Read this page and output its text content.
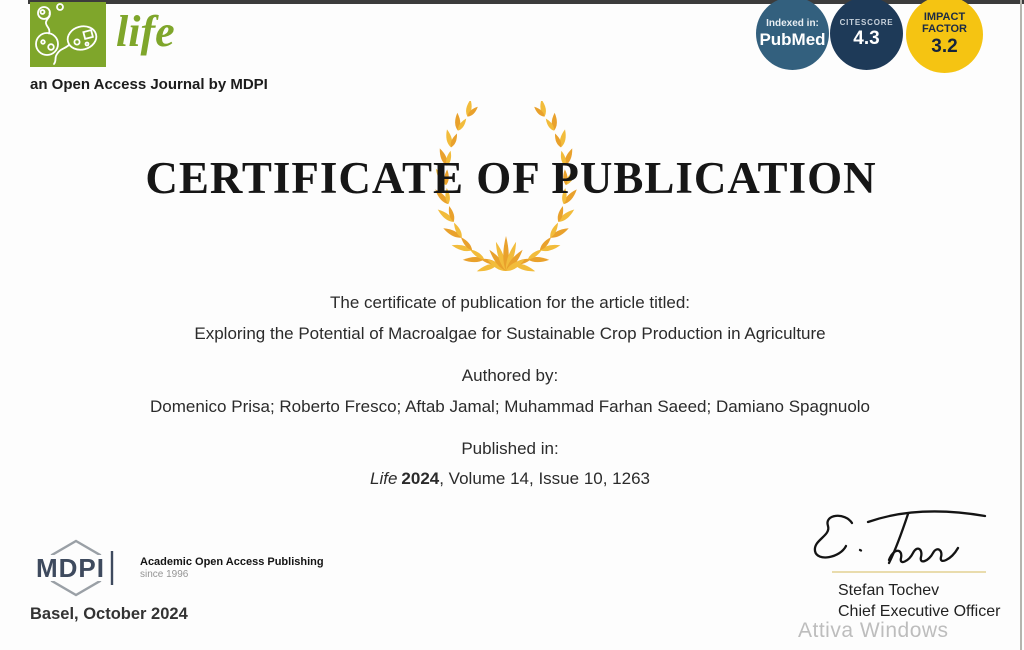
life
an Open Access Journal by MDPI
Indexed in:
PubMed
CITESCORE
4.3
IMPACT FACTOR
3.2
CERTIFICATE OF PUBLICATION
The certificate of publication for the article titled:
Exploring the Potential of Macroalgae for Sustainable Crop Production in Agriculture
Authored by:
Domenico Prisa; Roberto Fresco; Aftab Jamal; Muhammad Farhan Saeed; Damiano Spagnuolo
Published in:
Life 2024, Volume 14, Issue 10, 1263
MDPI	Academic Open Access Publishing
since 1996
Basel, October 2024
Stefan Tochev
Chief Executive Officer
Attiva Windows
